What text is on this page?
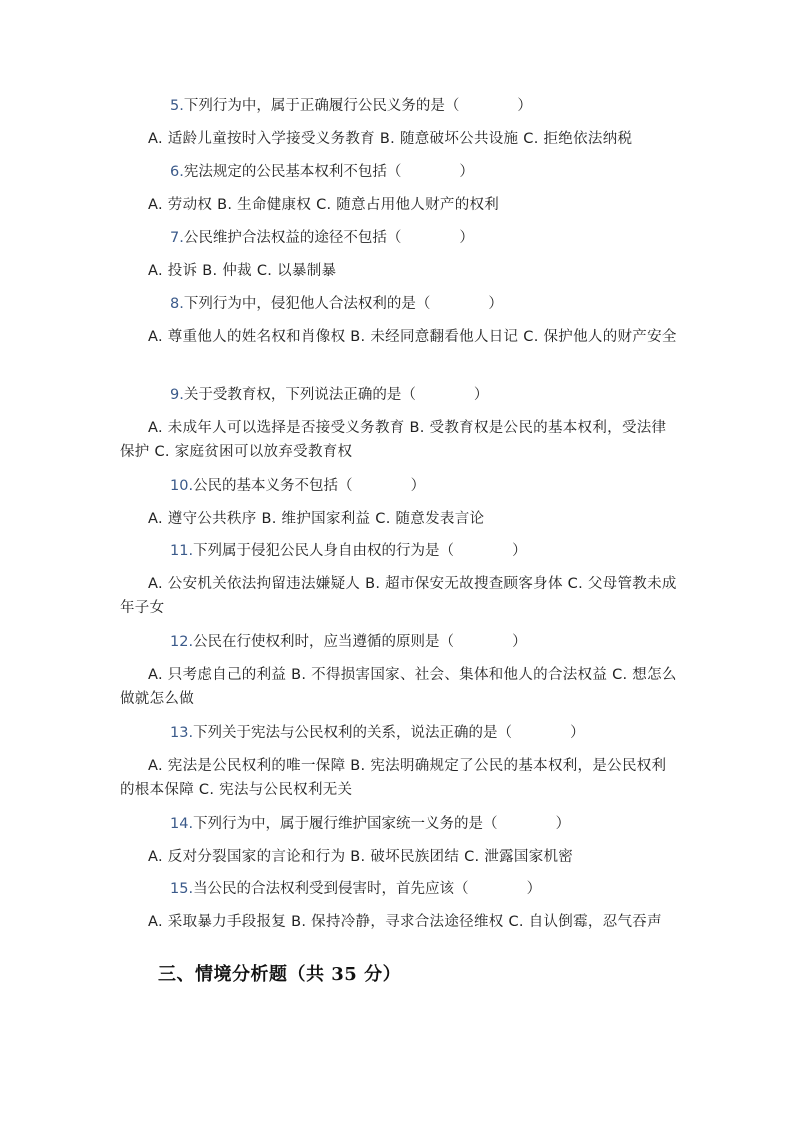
5.下列行为中，属于正确履行公民义务的是（	）
A. 适龄儿童按时入学接受义务教育 B. 随意破坏公共设施 C. 拒绝依法纳税
6.宪法规定的公民基本权利不包括（	）
A. 劳动权 B. 生命健康权 C. 随意占用他人财产的权利
7.公民维护合法权益的途径不包括（	）
A. 投诉 B. 仲裁 C. 以暴制暴
8.下列行为中，侵犯他人合法权利的是（	）
A. 尊重他人的姓名权和肖像权 B. 未经同意翻看他人日记 C. 保护他人的财产安全
9.关于受教育权，下列说法正确的是（	）
A. 未成年人可以选择是否接受义务教育 B. 受教育权是公民的基本权利，受法律保护 C. 家庭贫困可以放弃受教育权
10.公民的基本义务不包括（	）
A. 遵守公共秩序 B. 维护国家利益 C. 随意发表言论
11.下列属于侵犯公民人身自由权的行为是（	）
A. 公安机关依法拘留违法嫌疑人 B. 超市保安无故搜查顾客身体 C. 父母管教未成年子女
12.公民在行使权利时，应当遵循的原则是（	）
A. 只考虑自己的利益 B. 不得损害国家、社会、集体和他人的合法权益 C. 想怎么做就怎么做
13.下列关于宪法与公民权利的关系，说法正确的是（	）
A. 宪法是公民权利的唯一保障 B. 宪法明确规定了公民的基本权利，是公民权利的根本保障 C. 宪法与公民权利无关
14.下列行为中，属于履行维护国家统一义务的是（	）
A. 反对分裂国家的言论和行为 B. 破坏民族团结 C. 泄露国家机密
15.当公民的合法权利受到侵害时，首先应该（	）
A. 采取暴力手段报复 B. 保持冷静，寻求合法途径维权 C. 自认倒霉，忍气吞声
三、情境分析题（共 35 分）
